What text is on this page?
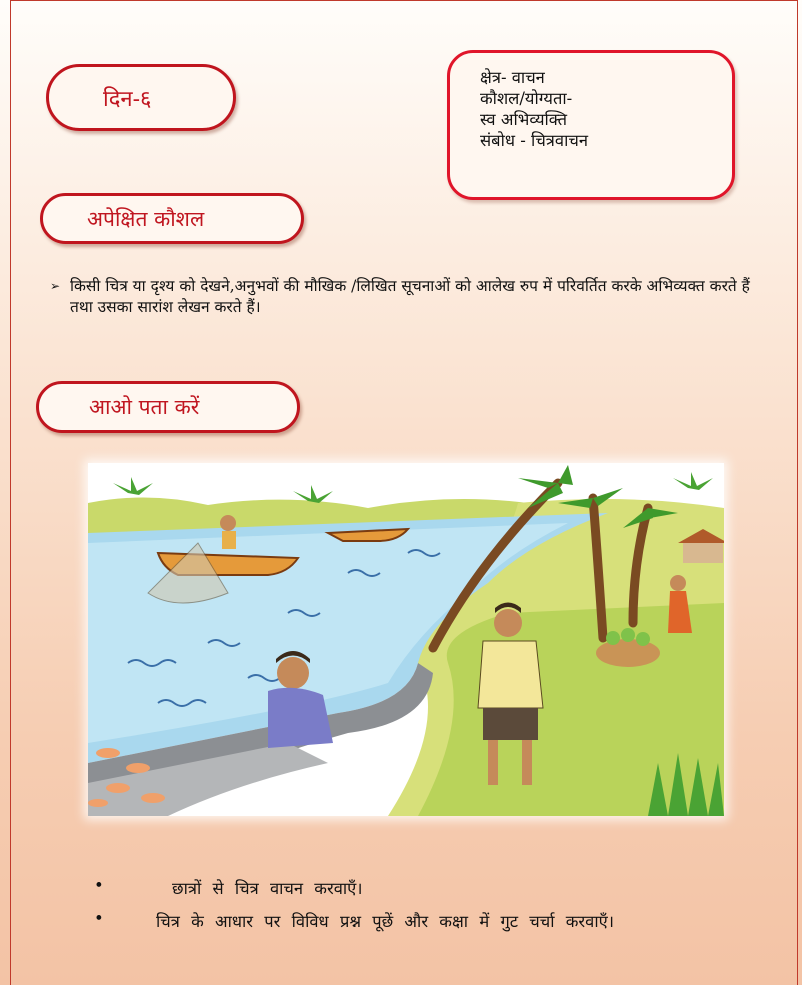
दिन-६
क्षेत्र- वाचन
कौशल/योग्यता-
स्व अभिव्यक्ति
संबोध - चित्रवाचन
अपेक्षित कौशल
➢ किसी चित्र या दृश्य को देखने,अनुभवों की मौखिक /लिखित सूचनाओं को आलेख रुप में परिवर्तित करके अभिव्यक्त करते हैं तथा उसका सारांश लेखन करते हैं।
आओ पता करें
•	छात्रों से चित्र वाचन करवाएँ।
•	चित्र के आधार पर विविध प्रश्न पूछें और कक्षा में गुट चर्चा करवाएँ।
